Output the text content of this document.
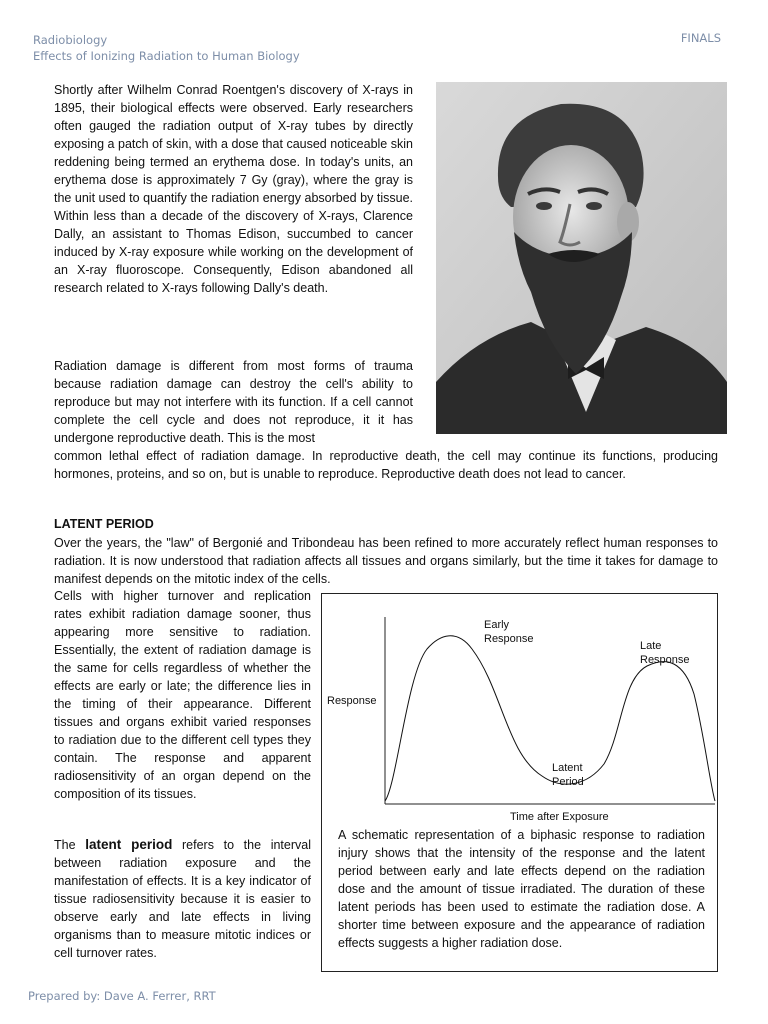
Radiobiology
Effects of Ionizing Radiation to Human Biology
FINALS

Shortly after Wilhelm Conrad Roentgen's discovery of X-rays in 1895, their biological effects were observed. Early researchers often gauged the radiation output of X-ray tubes by directly exposing a patch of skin, with a dose that caused noticeable skin reddening being termed an erythema dose. In today's units, an erythema dose is approximately 7 Gy (gray), where the gray is the unit used to quantify the radiation energy absorbed by tissue. Within less than a decade of the discovery of X-rays, Clarence Dally, an assistant to Thomas Edison, succumbed to cancer induced by X-ray exposure while working on the development of an X-ray fluoroscope. Consequently, Edison abandoned all research related to X-rays following Dally's death.

Radiation damage is different from most forms of trauma because radiation damage can destroy the cell's ability to reproduce but may not interfere with its function. If a cell cannot complete the cell cycle and does not reproduce, it it has undergone reproductive death. This is the most

common lethal effect of radiation damage. In reproductive death, the cell may continue its functions, producing hormones, proteins, and so on, but is unable to reproduce. Reproductive death does not lead to cancer.

LATENT PERIOD

Over the years, the "law" of Bergonié and Tribondeau has been refined to more accurately reflect human responses to radiation. It is now understood that radiation affects all tissues and organs similarly, but the time it takes for damage to manifest depends on the mitotic index of the cells.

Cells with higher turnover and replication rates exhibit radiation damage sooner, thus appearing more sensitive to radiation. Essentially, the extent of radiation damage is the same for cells regardless of whether the effects are early or late; the difference lies in the timing of their appearance. Different tissues and organs exhibit varied responses to radiation due to the different cell types they contain. The response and apparent radiosensitivity of an organ depend on the composition of its tissues.

The latent period refers to the interval between radiation exposure and the manifestation of effects. It is a key indicator of tissue radiosensitivity because it is easier to observe early and late effects in living organisms than to measure mitotic indices or cell turnover rates.

Response
Time after Exposure
Early
Response
Late
Response
Latent
Period

A schematic representation of a biphasic response to radiation injury shows that the intensity of the response and the latent period between early and late effects depend on the radiation dose and the amount of tissue irradiated. The duration of these latent periods has been used to estimate the radiation dose. A shorter time between exposure and the appearance of radiation effects suggests a higher radiation dose.

Prepared by: Dave A. Ferrer, RRT
